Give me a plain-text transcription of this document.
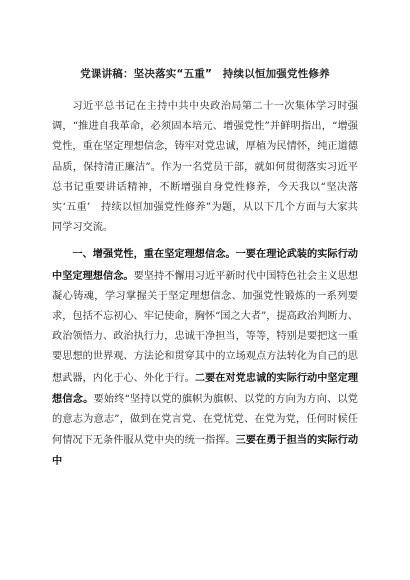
党课讲稿：坚决落实“五重”　持续以恒加强党性修养

习近平总书记在主持中共中央政治局第二十一次集体学习时强调，“推进自我革命，必须固本培元、增强党性”并鲜明指出，“增强党性，重在坚定理想信念，铸牢对党忠诚，厚植为民情怀，纯正道德品质，保持清正廉洁”。作为一名党员干部，就如何贯彻落实习近平总书记重要讲话精神，不断增强自身党性修养，今天我以“坚决落实‘五重’　持续以恒加强党性修养”为题，从以下几个方面与大家共同学习交流。

一、增强党性，重在坚定理想信念。一要在理论武装的实际行动中坚定理想信念。要坚持不懈用习近平新时代中国特色社会主义思想凝心铸魂，学习掌握关于坚定理想信念、加强党性锻炼的一系列要求，包括不忘初心、牢记使命，胸怀“国之大者”，提高政治判断力、政治领悟力、政治执行力，忠诚干净担当，等等，特别是要把这一重要思想的世界观、方法论和贯穿其中的立场观点方法转化为自己的思想武器，内化于心、外化于行。二要在对党忠诚的实际行动中坚定理想信念。要始终“坚持以党的旗帜为旗帜、以党的方向为方向、以党的意志为意志”，做到在党言党、在党忧党、在党为党，任何时候任何情况下无条件服从党中央的统一指挥。三要在勇于担当的实际行动中
